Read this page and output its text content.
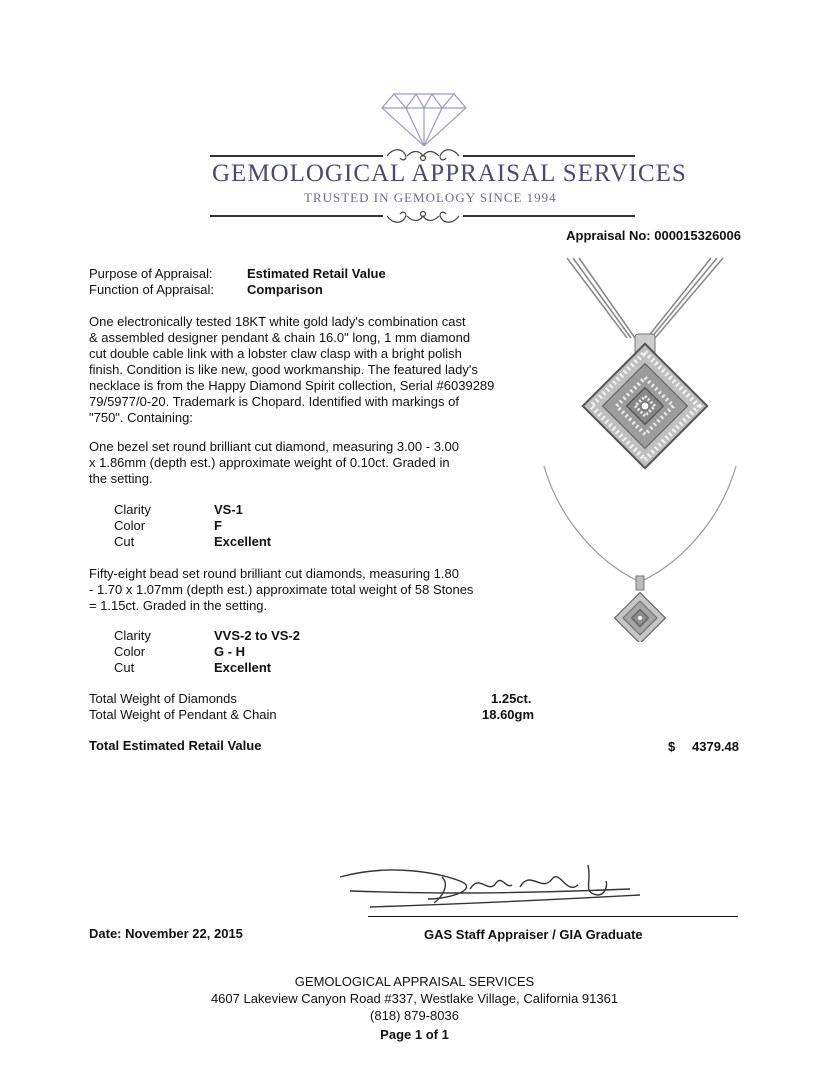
GEMOLOGICAL APPRAISAL SERVICES
TRUSTED IN GEMOLOGY SINCE 1994
Appraisal No: 000015326006
Purpose of Appraisal:	Estimated Retail Value
Function of Appraisal:	Comparison
One electronically tested 18KT white gold lady's combination cast
& assembled designer pendant & chain 16.0" long, 1 mm diamond
cut double cable link with a lobster claw clasp with a bright polish
finish. Condition is like new, good workmanship. The featured lady's
necklace is from the Happy Diamond Spirit collection, Serial #6039289
79/5977/0-20. Trademark is Chopard. Identified with markings of
"750". Containing:
One bezel set round brilliant cut diamond, measuring 3.00 - 3.00
x 1.86mm (depth est.) approximate weight of 0.10ct. Graded in
the setting.
Clarity	VS-1
Color	F
Cut	Excellent
Fifty-eight bead set round brilliant cut diamonds, measuring 1.80
- 1.70 x 1.07mm (depth est.) approximate total weight of 58 Stones
= 1.15ct. Graded in the setting.
Clarity	VVS-2 to VS-2
Color	G - H
Cut	Excellent
Total Weight of Diamonds	1.25ct.
Total Weight of Pendant & Chain	18.60gm
Total Estimated Retail Value	$ 4379.48
Date: November 22, 2015	GAS Staff Appraiser / GIA Graduate
GEMOLOGICAL APPRAISAL SERVICES
4607 Lakeview Canyon Road #337, Westlake Village, California 91361
(818) 879-8036
Page 1 of 1
